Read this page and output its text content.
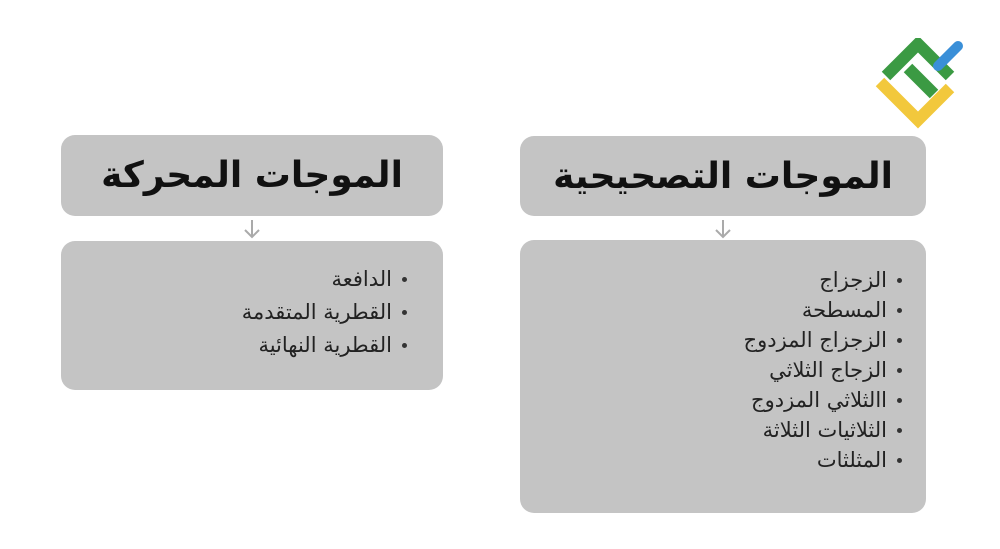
الموجات التصحيحية
الزجزاج
المسطحة
الزجزاج المزدوج
الزجاج الثلاثي
االثلاثي المزدوج
الثلاثيات الثلاثة
المثلثات
الموجات المحركة
الدافعة
القطرية المتقدمة
القطرية النهائية
